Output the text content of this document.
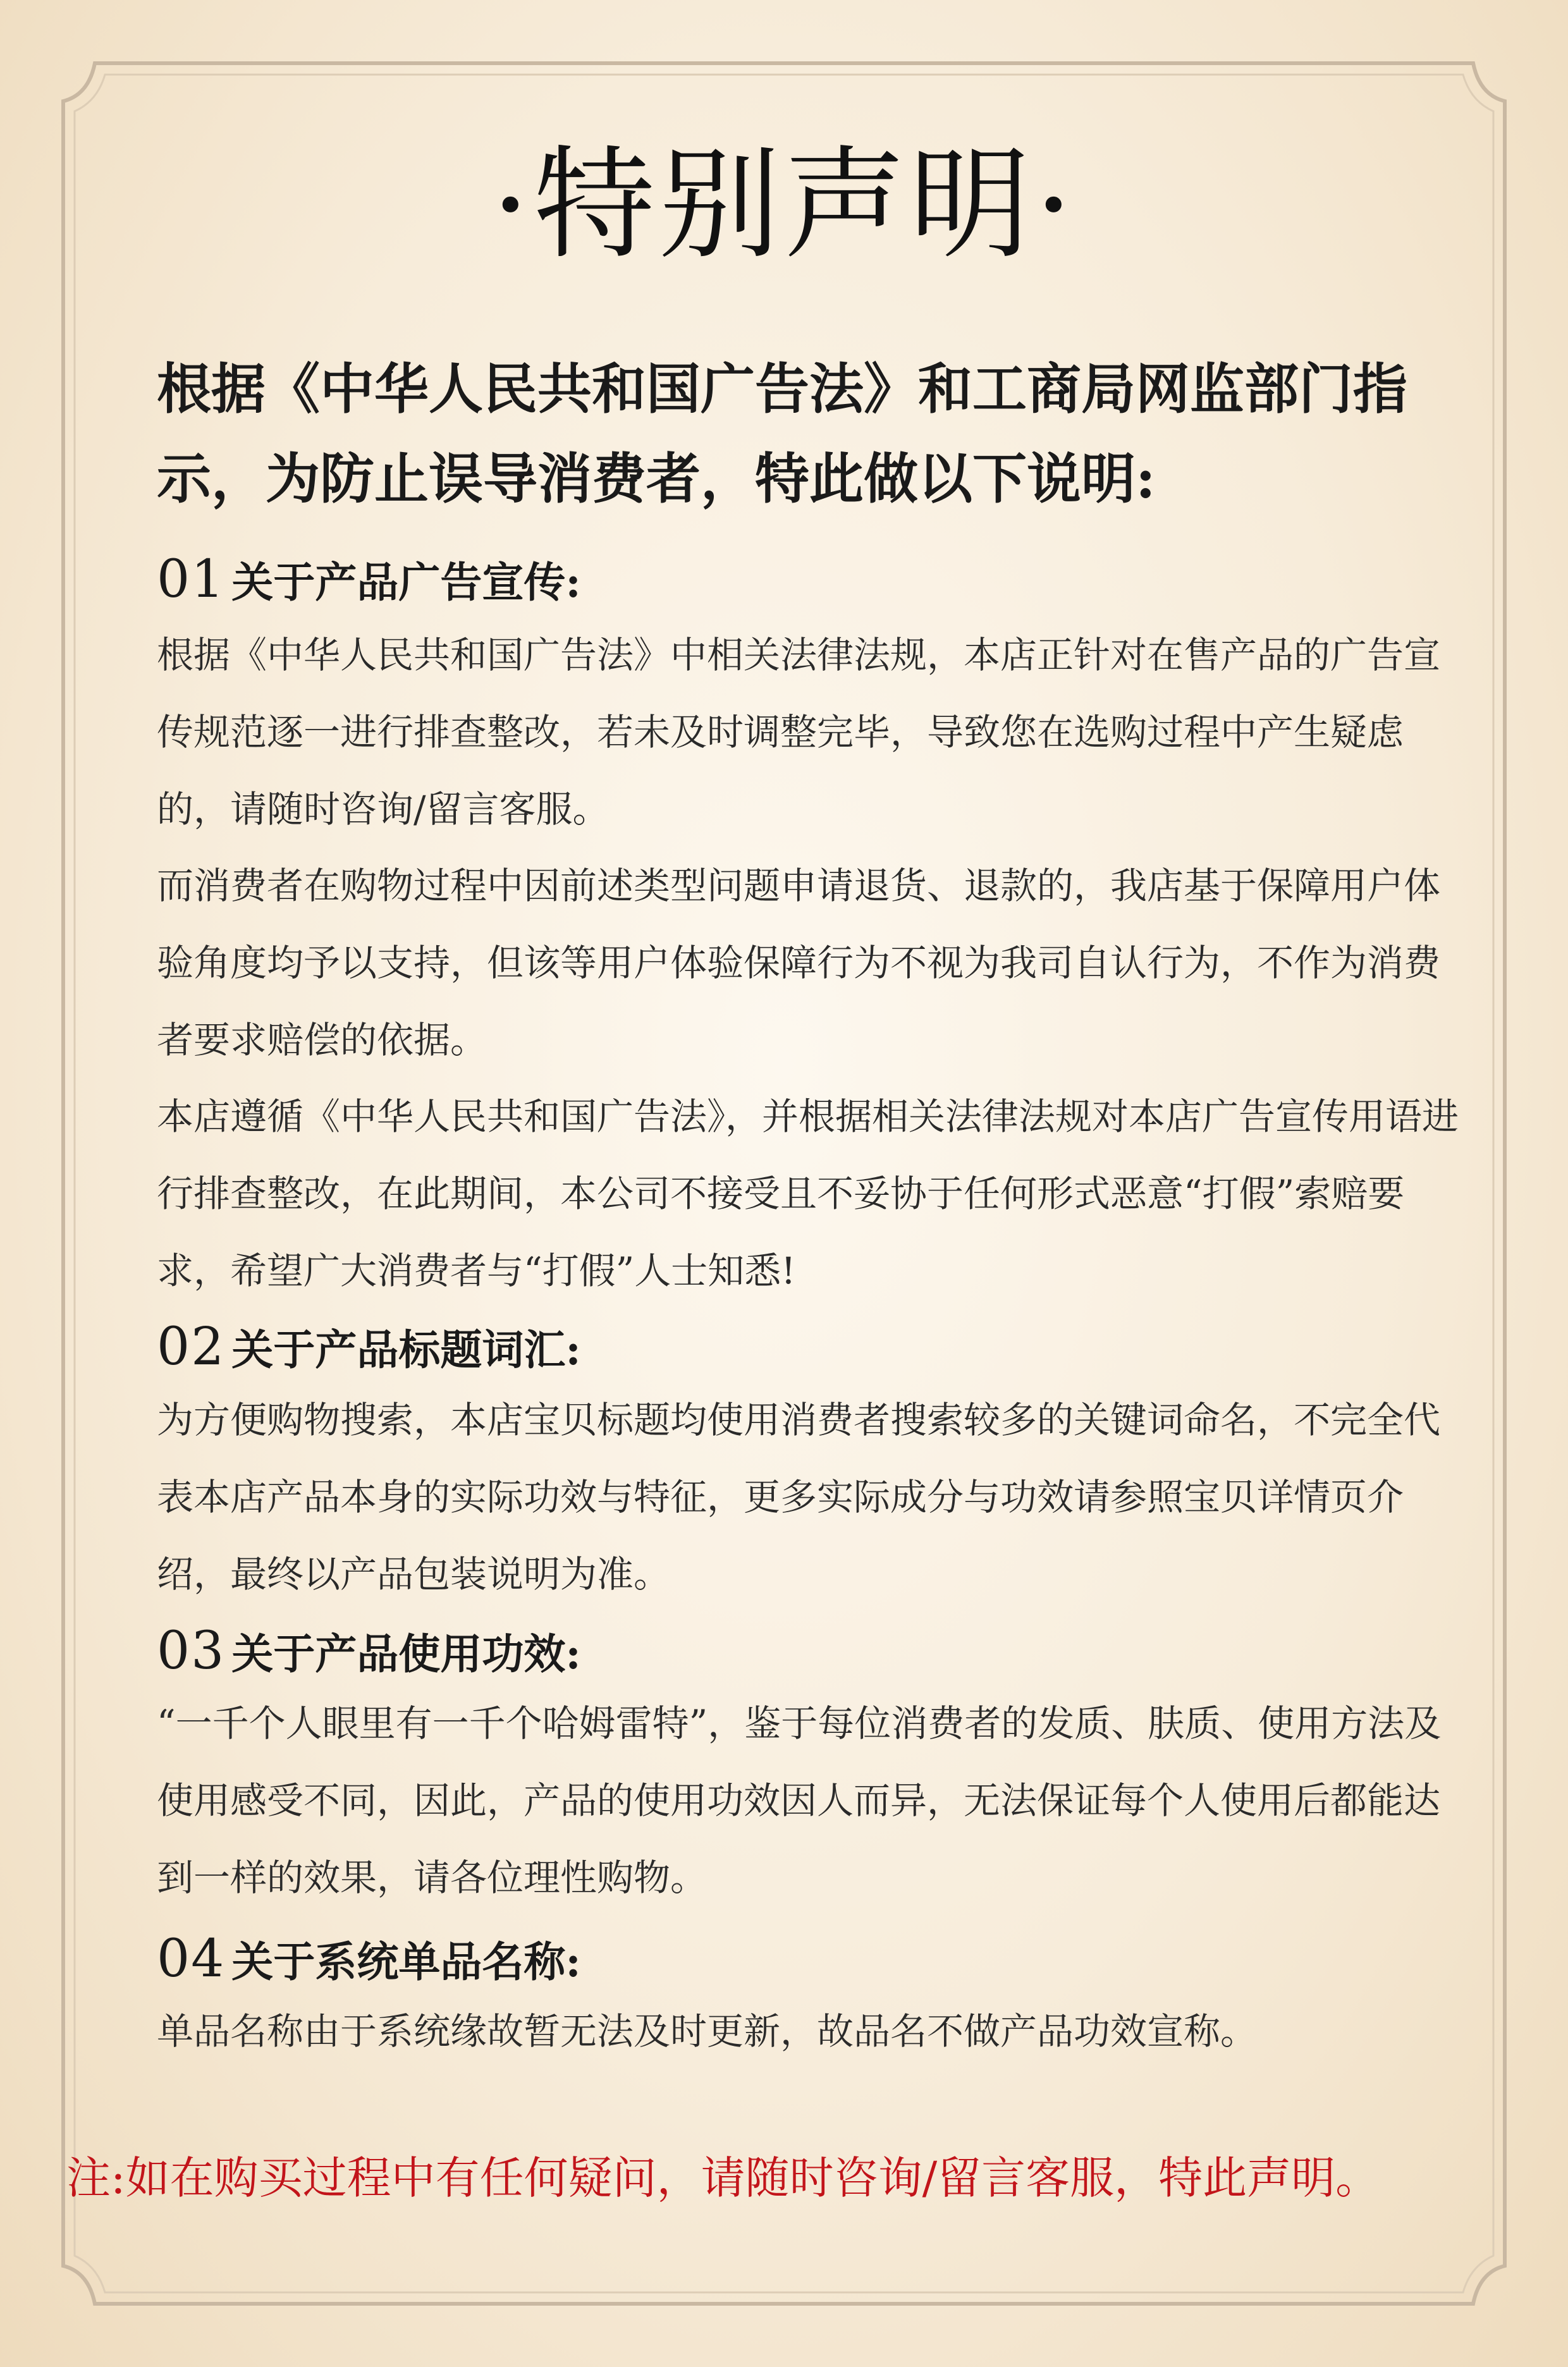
·特别声明·
根据《中华人民共和国广告法》和工商局网监部门指示，为防止误导消费者，特此做以下说明:
01 关于产品广告宣传:
根据《中华人民共和国广告法》中相关法律法规，本店正针对在售产品的广告宣传规范逐一进行排查整改，若未及时调整完毕，导致您在选购过程中产生疑虑的，请随时咨询/留言客服。
而消费者在购物过程中因前述类型问题申请退货、退款的，我店基于保障用户体验角度均予以支持，但该等用户体验保障行为不视为我司自认行为，不作为消费者要求赔偿的依据。
本店遵循《中华人民共和国广告法》，并根据相关法律法规对本店广告宣传用语进行排查整改，在此期间，本公司不接受且不妥协于任何形式恶意“打假”索赔要求，希望广大消费者与“打假”人士知悉!
02 关于产品标题词汇:
为方便购物搜索，本店宝贝标题均使用消费者搜索较多的关键词命名，不完全代表本店产品本身的实际功效与特征，更多实际成分与功效请参照宝贝详情页介绍，最终以产品包装说明为准。
03 关于产品使用功效:
“一千个人眼里有一千个哈姆雷特”，鉴于每位消费者的发质、肤质、使用方法及使用感受不同，因此，产品的使用功效因人而异，无法保证每个人使用后都能达到一样的效果，请各位理性购物。
04 关于系统单品名称:
单品名称由于系统缘故暂无法及时更新，故品名不做产品功效宣称。
注:如在购买过程中有任何疑问，请随时咨询/留言客服，特此声明。
